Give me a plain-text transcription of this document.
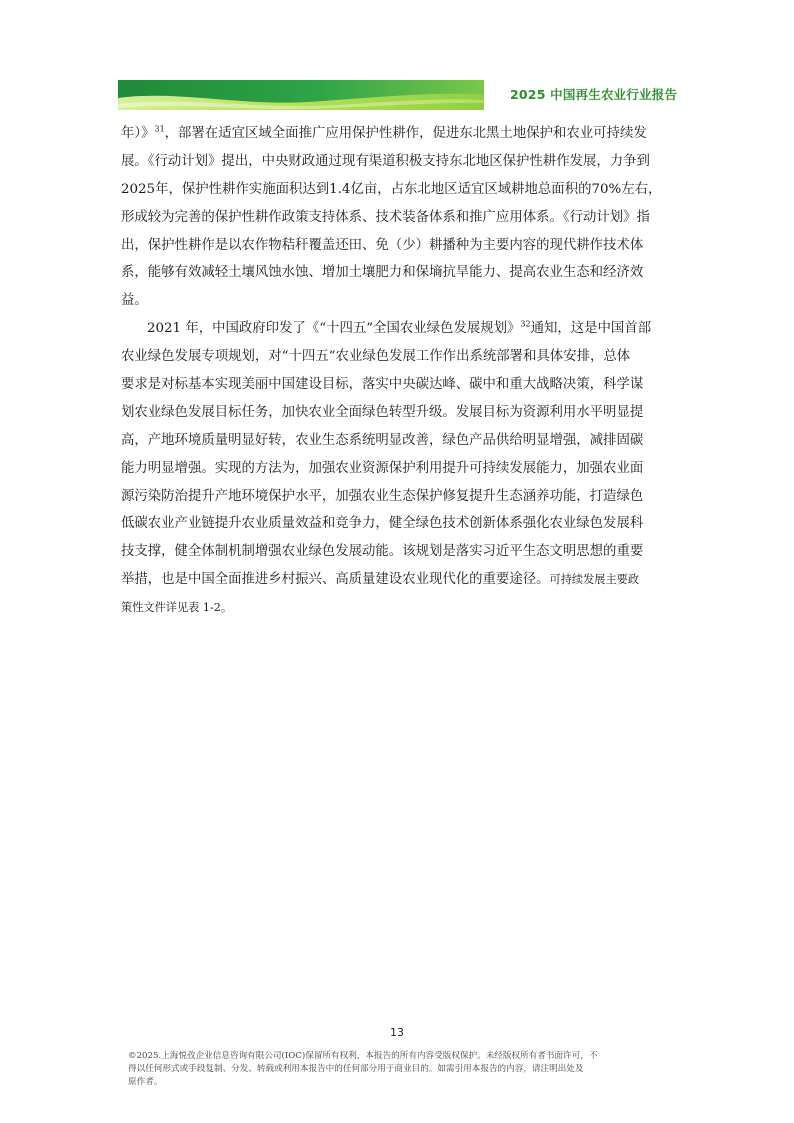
2025 中国再生农业行业报告

年）》$^{31}$，部署在适宜区域全面推广应用保护性耕作，促进东北黑土地保护和农业可持续发
展。《行动计划》提出，中央财政通过现有渠道积极支持东北地区保护性耕作发展，力争到
2025年，保护性耕作实施面积达到1.4亿亩，占东北地区适宜区域耕地总面积的70%左右，
形成较为完善的保护性耕作政策支持体系、技术装备体系和推广应用体系。《行动计划》指
出，保护性耕作是以农作物秸秆覆盖还田、免（少）耕播种为主要内容的现代耕作技术体
系，能够有效减轻土壤风蚀水蚀、增加土壤肥力和保墒抗旱能力、提高农业生态和经济效
益。

2021 年，中国政府印发了《“十四五”全国农业绿色发展规划》$^{32}$通知，这是中国首部
农业绿色发展专项规划，对“十四五”农业绿色发展工作作出系统部署和具体安排，总体
要求是对标基本实现美丽中国建设目标，落实中央碳达峰、碳中和重大战略决策，科学谋
划农业绿色发展目标任务，加快农业全面绿色转型升级。发展目标为资源利用水平明显提
高，产地环境质量明显好转，农业生态系统明显改善，绿色产品供给明显增强，减排固碳
能力明显增强。实现的方法为，加强农业资源保护利用提升可持续发展能力，加强农业面
源污染防治提升产地环境保护水平，加强农业生态保护修复提升生态涵养功能，打造绿色
低碳农业产业链提升农业质量效益和竞争力，健全绿色技术创新体系强化农业绿色发展科
技支撑，健全体制机制增强农业绿色发展动能。该规划是落实习近平生态文明思想的重要
举措，也是中国全面推进乡村振兴、高质量建设农业现代化的重要途径。可持续发展主要政
策性文件详见表 1-2。

13
©2025.上海悦孜企业信息咨询有限公司(IOC)保留所有权利，本报告的所有内容受版权保护。未经版权所有者书面许可，不
得以任何形式或手段复制、分发、转载或利用本报告中的任何部分用于商业目的。如需引用本报告的内容，请注明出处及
原作者。
